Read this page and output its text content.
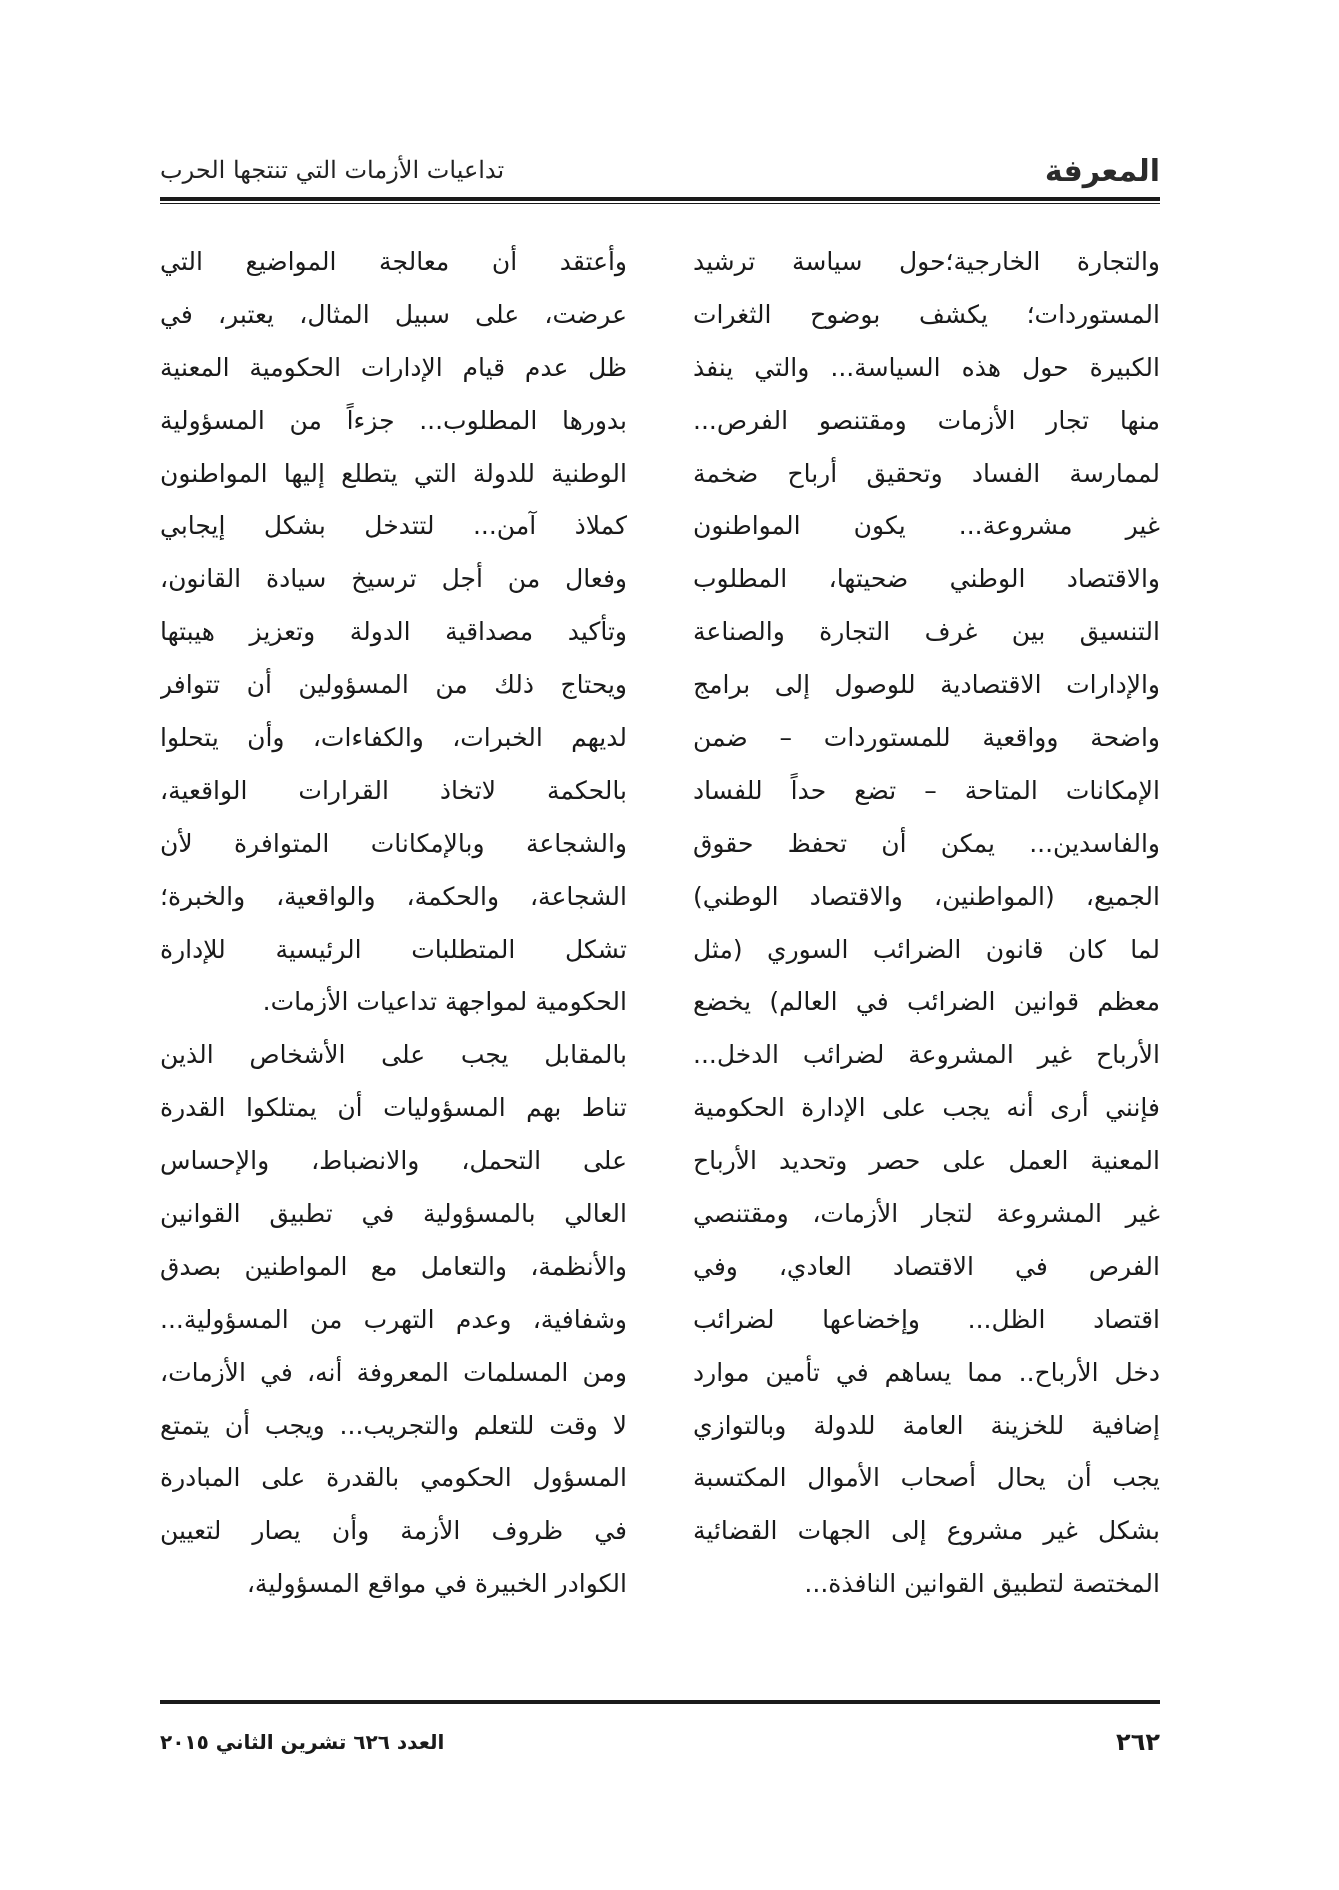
المعرفة
تداعيات الأزمات التي تنتجها الحرب
والتجارة الخارجية؛حول سياسة ترشيد
المستوردات؛ يكشف بوضوح الثغرات
الكبيرة حول هذه السياسة... والتي ينفذ
منها تجار الأزمات ومقتنصو الفرص...
لممارسة الفساد وتحقيق أرباح ضخمة
غير مشروعة... يكون المواطنون
والاقتصاد الوطني ضحيتها، المطلوب
التنسيق بين غرف التجارة والصناعة
والإدارات الاقتصادية للوصول إلى برامج
واضحة وواقعية للمستوردات – ضمن
الإمكانات المتاحة – تضع حداً للفساد
والفاسدين... يمكن أن تحفظ حقوق
الجميع، (المواطنين، والاقتصاد الوطني)
لما كان قانون الضرائب السوري (مثل
معظم قوانين الضرائب في العالم) يخضع
الأرباح غير المشروعة لضرائب الدخل...
فإنني أرى أنه يجب على الإدارة الحكومية
المعنية العمل على حصر وتحديد الأرباح
غير المشروعة لتجار الأزمات، ومقتنصي
الفرص في الاقتصاد العادي، وفي
اقتصاد الظل... وإخضاعها لضرائب
دخل الأرباح.. مما يساهم في تأمين موارد
إضافية للخزينة العامة للدولة وبالتوازي
يجب أن يحال أصحاب الأموال المكتسبة
بشكل غير مشروع إلى الجهات القضائية
المختصة لتطبيق القوانين النافذة...
وأعتقد أن معالجة المواضيع التي
عرضت، على سبيل المثال، يعتبر، في
ظل عدم قيام الإدارات الحكومية المعنية
بدورها المطلوب... جزءاً من المسؤولية
الوطنية للدولة التي يتطلع إليها المواطنون
كملاذ آمن... لتتدخل بشكل إيجابي
وفعال من أجل ترسيخ سيادة القانون،
وتأكيد مصداقية الدولة وتعزيز هيبتها
ويحتاج ذلك من المسؤولين أن تتوافر
لديهم الخبرات، والكفاءات، وأن يتحلوا
بالحكمة لاتخاذ القرارات الواقعية،
والشجاعة وبالإمكانات المتوافرة لأن
الشجاعة، والحكمة، والواقعية، والخبرة؛
تشكل المتطلبات الرئيسية للإدارة
الحكومية لمواجهة تداعيات الأزمات.
بالمقابل يجب على الأشخاص الذين
تناط بهم المسؤوليات أن يمتلكوا القدرة
على التحمل، والانضباط، والإحساس
العالي بالمسؤولية في تطبيق القوانين
والأنظمة، والتعامل مع المواطنين بصدق
وشفافية، وعدم التهرب من المسؤولية...
ومن المسلمات المعروفة أنه، في الأزمات،
لا وقت للتعلم والتجريب... ويجب أن يتمتع
المسؤول الحكومي بالقدرة على المبادرة
في ظروف الأزمة وأن يصار لتعيين
الكوادر الخبيرة في مواقع المسؤولية،
٢٦٢
العدد ٦٢٦ تشرين الثاني ٢٠١٥
